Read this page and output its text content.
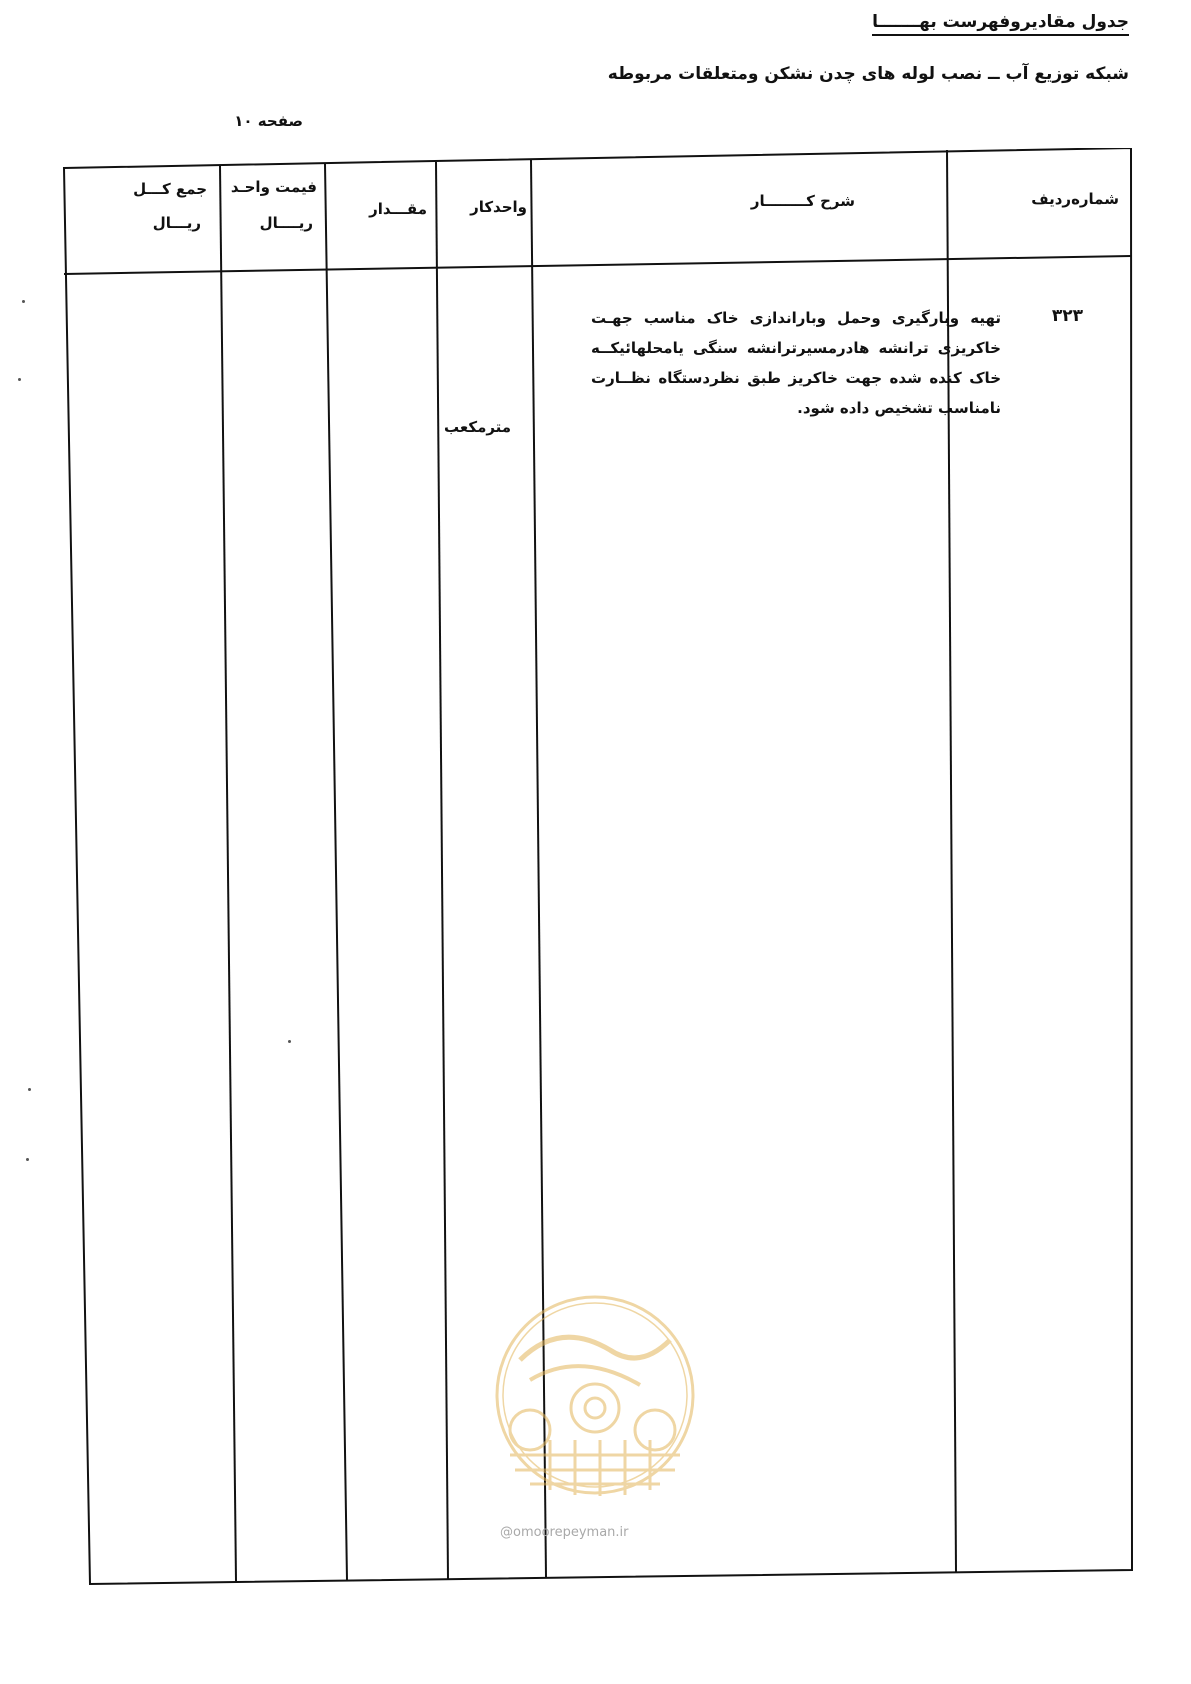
جدول مقادیروفهرست بهـــــــا
شبکه توزیع آب ــ نصب لوله های چدن نشکن ومتعلقات مربوطه
صفحه ۱۰
شماره‌ردیف
شرح کــــــــار
واحدکار
مقـــدار
فیمت واحـد
ریــــال
جمع کـــل
ریـــال
۳۲۳
تهیه وبارگیری وحمل وباراندازی خاک مناسب جهـت خاکریزی ترانشه هادرمسیرترانشه سنگی یامحلهائیکــه خاک کنده شده جهت خاکریز طبق نظردستگاه نظــارت نامناسب تشخیص داده شود.
مترمکعب
@omoorepeyman.ir
